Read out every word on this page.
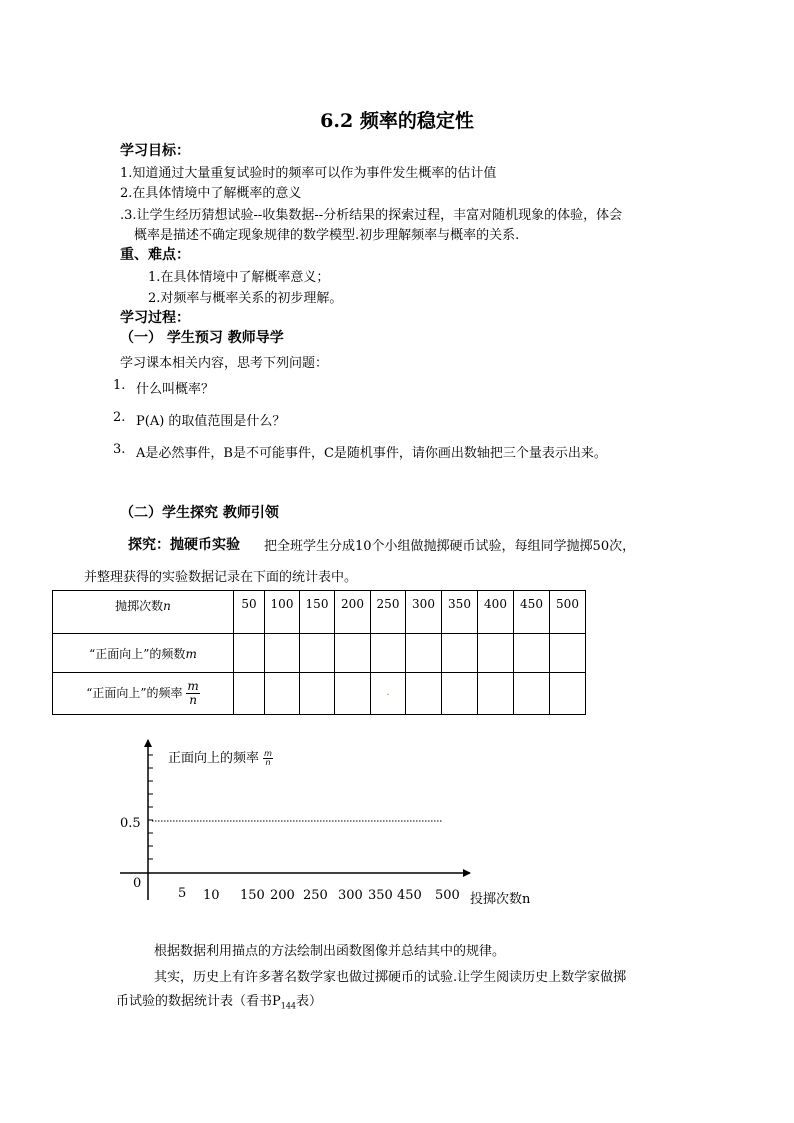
6.2 频率的稳定性
学习目标：
1.知道通过大量重复试验时的频率可以作为事件发生概率的估计值
2.在具体情境中了解概率的意义
.3.让学生经历猜想试验--收集数据--分析结果的探索过程，丰富对随机现象的体验，体会
概率是描述不确定现象规律的数学模型.初步理解频率与概率的关系.
重、难点：
1.在具体情境中了解概率意义；
2.对频率与概率关系的初步理解。
学习过程：
（一） 学生预习 教师导学
学习课本相关内容，思考下列问题：
1. 什么叫概率？
2. P(A) 的取值范围是什么？
3. A是必然事件，B是不可能事件，C是随机事件，请你画出数轴把三个量表示出来。
（二）学生探究 教师引领
探究：抛硬币实验 把全班学生分成10个小组做抛掷硬币试验，每组同学抛掷50次，
并整理获得的实验数据记录在下面的统计表中。
抛掷次数n	50	100	150	200	250	300	350	400	450	500
“正面向上”的频数m										
“正面向上”的频率 $\frac{m}{n}$					·					
正面向上的频率 $\frac{m}{n}$
0.5
0
5 10 150 200 250 300 350 450 500 投掷次数n
根据数据利用描点的方法绘制出函数图像并总结其中的规律。
其实，历史上有许多著名数学家也做过掷硬币的试验.让学生阅读历史上数学家做掷
币试验的数据统计表（看书$P_{144}$表）
